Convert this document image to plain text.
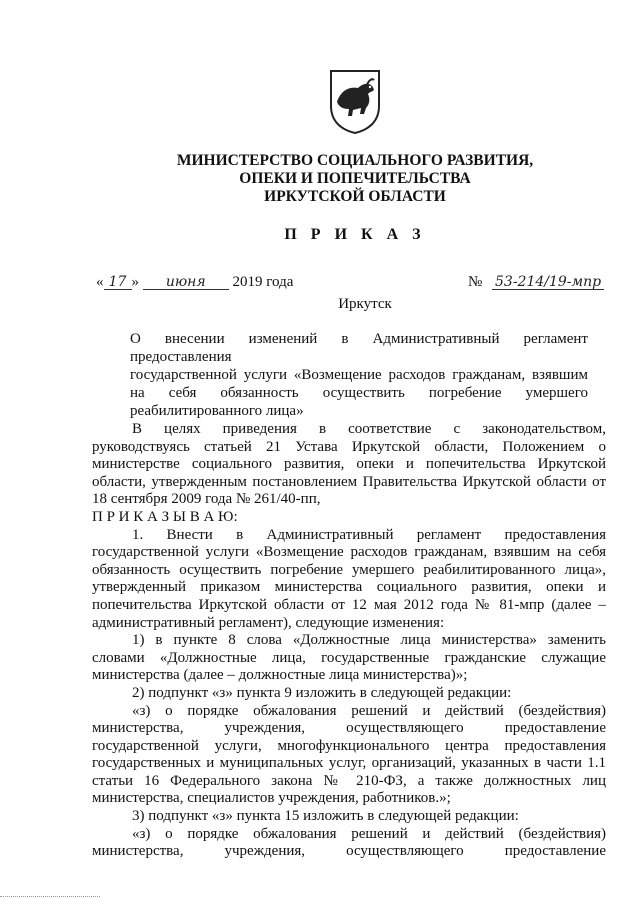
МИНИСТЕРСТВО СОЦИАЛЬНОГО РАЗВИТИЯ,
ОПЕКИ И ПОПЕЧИТЕЛЬСТВА
ИРКУТСКОЙ ОБЛАСТИ
П Р И К А З
« 17 » июня 2019 года	№ 53-214/19-мпр
Иркутск
О внесении изменений в Административный регламент предоставления
государственной услуги «Возмещение расходов гражданам, взявшим
на себя обязанность осуществить погребение умершего
реабилитированного лица»
В целях приведения в соответствие с законодательством,
руководствуясь статьей 21 Устава Иркутской области, Положением о
министерстве социального развития, опеки и попечительства Иркутской
области, утвержденным постановлением Правительства Иркутской области от
18 сентября 2009 года № 261/40-пп,
П Р И К А З Ы В А Ю:
1. Внести в Административный регламент предоставления
государственной услуги «Возмещение расходов гражданам, взявшим на себя
обязанность осуществить погребение умершего реабилитированного лица»,
утвержденный приказом министерства социального развития, опеки и
попечительства Иркутской области от 12 мая 2012 года № 81-мпр (далее –
административный регламент), следующие изменения:
1) в пункте 8 слова «Должностные лица министерства» заменить
словами «Должностные лица, государственные гражданские служащие
министерства (далее – должностные лица министерства)»;
2) подпункт «з» пункта 9 изложить в следующей редакции:
«з) о порядке обжалования решений и действий (бездействия)
министерства, учреждения, осуществляющего предоставление
государственной услуги, многофункционального центра предоставления
государственных и муниципальных услуг, организаций, указанных в части 1.1
статьи 16 Федерального закона № 210-ФЗ, а также должностных лиц
министерства, специалистов учреждения, работников.»;
3) подпункт «з» пункта 15 изложить в следующей редакции:
«з) о порядке обжалования решений и действий (бездействия)
министерства, учреждения, осуществляющего предоставление
